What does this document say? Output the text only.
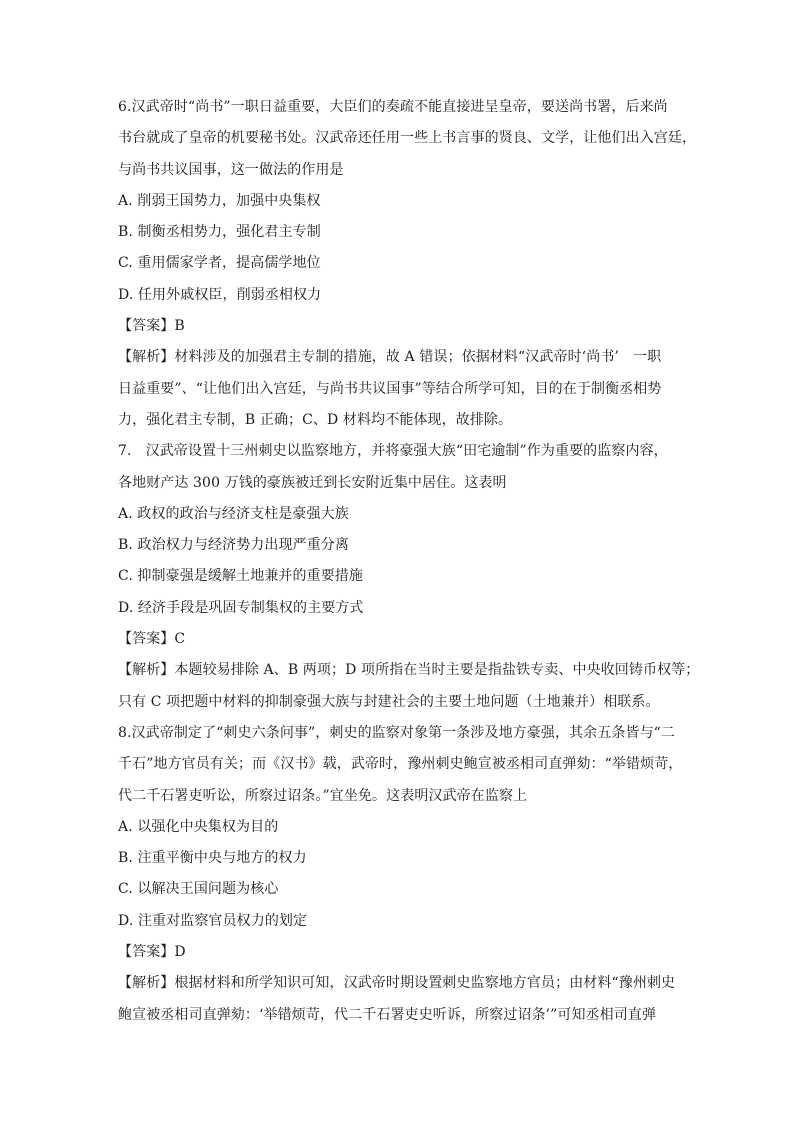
6.汉武帝时“尚书”一职日益重要，大臣们的奏疏不能直接进呈皇帝，要送尚书署，后来尚
书台就成了皇帝的机要秘书处。汉武帝还任用一些上书言事的贤良、文学，让他们出入宫廷，
与尚书共议国事，这一做法的作用是
A. 削弱王国势力，加强中央集权
B. 制衡丞相势力，强化君主专制
C. 重用儒家学者，提高儒学地位
D. 任用外戚权臣，削弱丞相权力
【答案】B
【解析】材料涉及的加强君主专制的措施，故 A 错误；依据材料“汉武帝时‘尚书’　一职
日益重要”、“让他们出入宫廷，与尚书共议国事”等结合所学可知，目的在于制衡丞相势
力，强化君主专制，B 正确；C、D 材料均不能体现，故排除。
7.　汉武帝设置十三州刺史以监察地方，并将豪强大族“田宅逾制”作为重要的监察内容，
各地财产达 300 万钱的豪族被迁到长安附近集中居住。这表明
A. 政权的政治与经济支柱是豪强大族
B. 政治权力与经济势力出现严重分离
C. 抑制豪强是缓解土地兼并的重要措施
D. 经济手段是巩固专制集权的主要方式
【答案】C
【解析】本题较易排除 A、B 两项；D 项所指在当时主要是指盐铁专卖、中央收回铸币权等；
只有 C 项把题中材料的抑制豪强大族与封建社会的主要土地问题（土地兼并）相联系。
8.汉武帝制定了“刺史六条问事”，刺史的监察对象第一条涉及地方豪强，其余五条皆与“二
千石”地方官员有关；而《汉书》载，武帝时，豫州刺史鲍宣被丞相司直弹劾：“举错烦苛，
代二千石署吏听讼，所察过诏条。”宜坐免。这表明汉武帝在监察上
A. 以强化中央集权为目的
B. 注重平衡中央与地方的权力
C. 以解决王国问题为核心
D. 注重对监察官员权力的划定
【答案】D
【解析】根据材料和所学知识可知，汉武帝时期设置刺史监察地方官员；由材料“豫州刺史
鲍宣被丞相司直弹劾：‘举错烦苛，代二千石署吏史听诉，所察过诏条’”可知丞相司直弹
